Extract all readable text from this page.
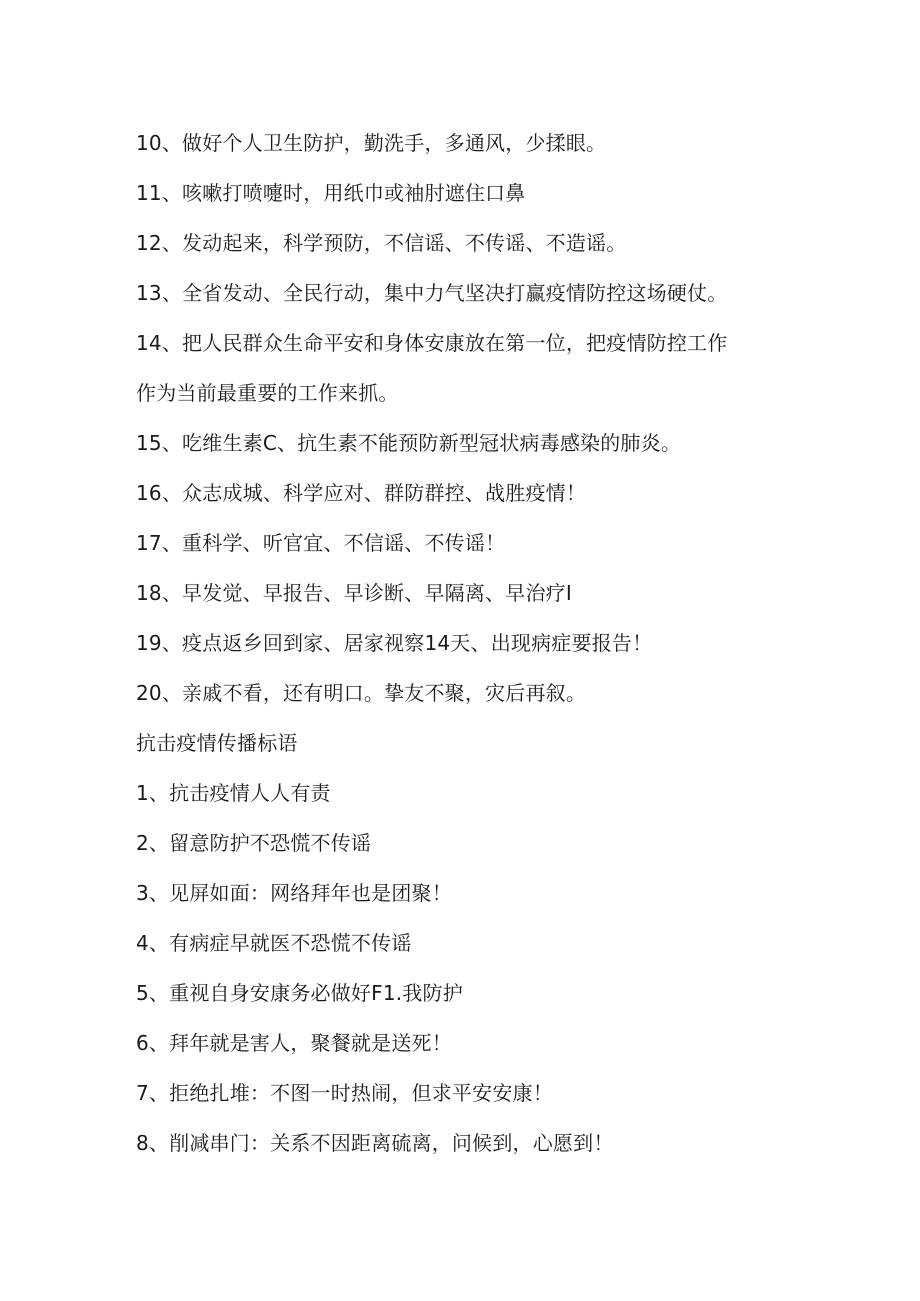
10、做好个人卫生防护，勤洗手，多通风，少揉眼。
11、咳嗽打喷嚏时，用纸巾或袖肘遮住口鼻
12、发动起来，科学预防，不信谣、不传谣、不造谣。
13、全省发动、全民行动，集中力气坚决打赢疫情防控这场硬仗。
14、把人民群众生命平安和身体安康放在第一位，把疫情防控工作
作为当前最重要的工作来抓。
15、吃维生素C、抗生素不能预防新型冠状病毒感染的肺炎。
16、众志成城、科学应对、群防群控、战胜疫情！
17、重科学、听官宜、不信谣、不传谣！
18、早发觉、早报告、早诊断、早隔离、早治疗I
19、疫点返乡回到家、居家视察14天、出现病症要报告！
20、亲戚不看，还有明口。挚友不聚，灾后再叙。
抗击疫情传播标语
1、抗击疫情人人有责
2、留意防护不恐慌不传谣
3、见屏如面：网络拜年也是团聚！
4、有病症早就医不恐慌不传谣
5、重视自身安康务必做好F1.我防护
6、拜年就是害人，聚餐就是送死！
7、拒绝扎堆：不图一时热闹，但求平安安康！
8、削减串门：关系不因距离硫离，问候到，心愿到！
